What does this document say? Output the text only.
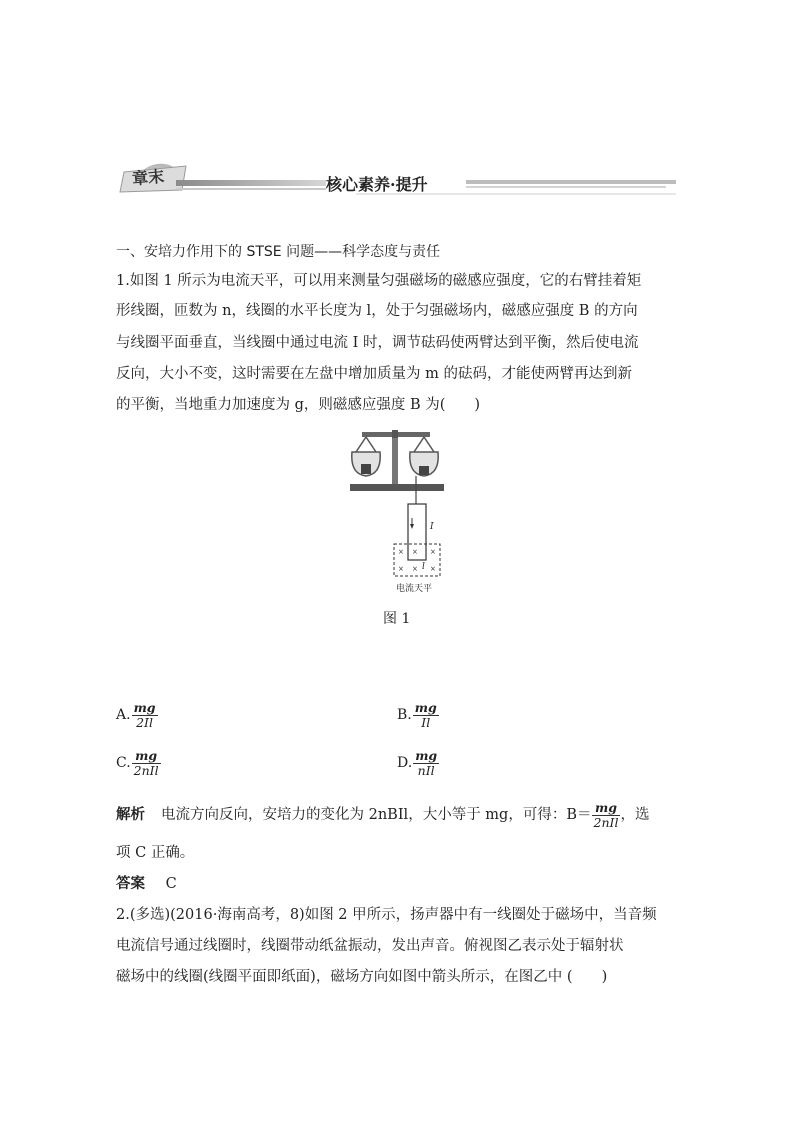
章末	核心素养·提升
一、安培力作用下的 STSE 问题——科学态度与责任
1.如图 1 所示为电流天平，可以用来测量匀强磁场的磁感应强度，它的右臂挂着矩
形线圈，匝数为 n，线圈的水平长度为 l，处于匀强磁场内，磁感应强度 B 的方向
与线圈平面垂直，当线圈中通过电流 I 时，调节砝码使两臂达到平衡，然后使电流
反向，大小不变，这时需要在左盘中增加质量为 m 的砝码，才能使两臂再达到新
的平衡，当地重力加速度为 g，则磁感应强度 B 为(　　)
× × ×
× × ×
I
l
电流天平
图 1
A. $\frac{mg}{2Il}$	B. $\frac{mg}{Il}$
C. $\frac{mg}{\text{2nIl}}$	D. $\frac{mg}{\text{nIl}}$
解析 电流方向反向，安培力的变化为 2nBIl，大小等于 mg，可得：$B= \frac{mg}{\text{2nIl}}$ ，选
项 C 正确。
答案 C
2.(多选)(2016·海南高考，8)如图 2 甲所示，扬声器中有一线圈处于磁场中，当音频
电流信号通过线圈时，线圈带动纸盆振动，发出声音。俯视图乙表示处于辐射状
磁场中的线圈(线圈平面即纸面)，磁场方向如图中箭头所示，在图乙中 (　　)
